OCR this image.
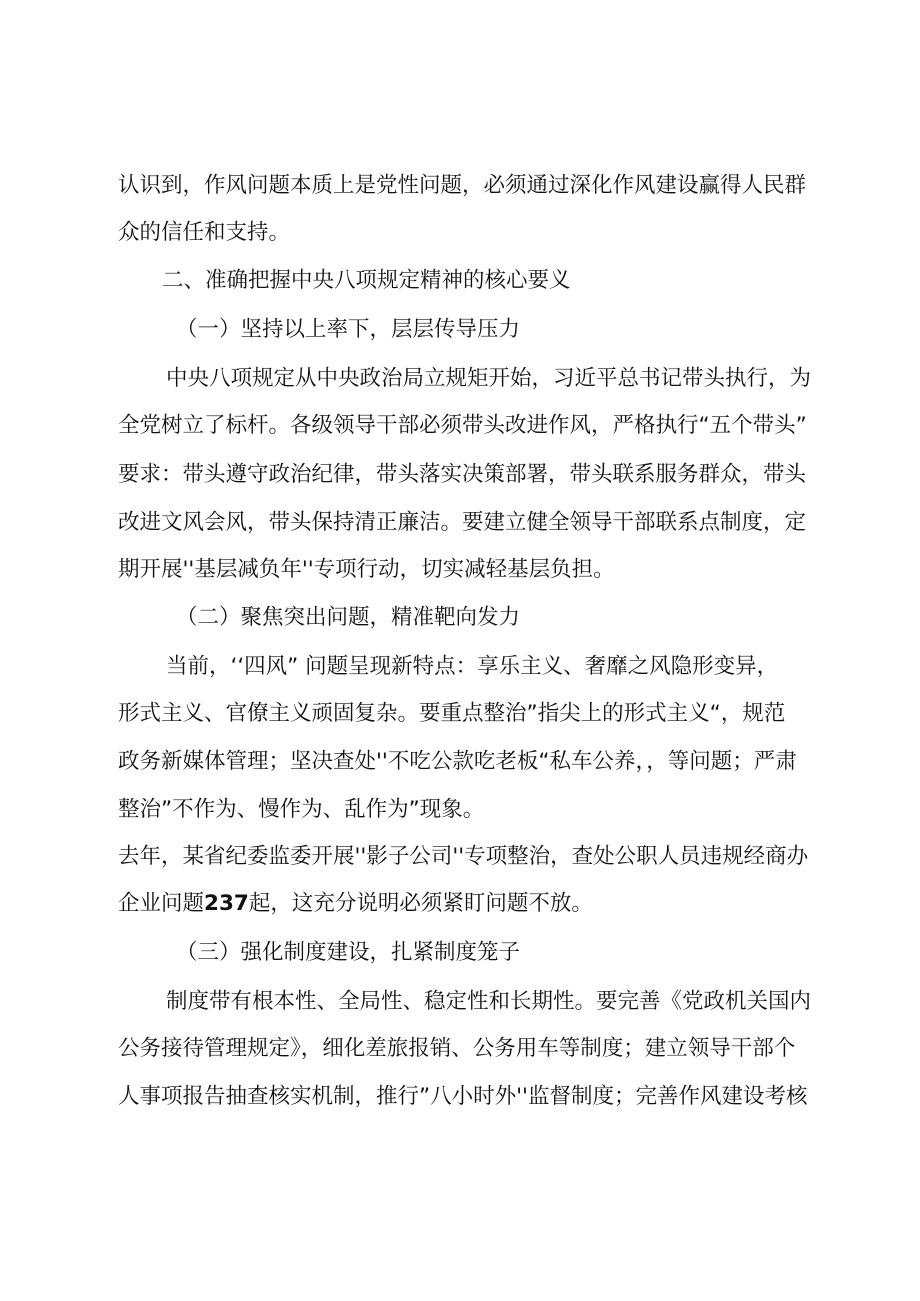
认识到，作风问题本质上是党性问题，必须通过深化作风建设赢得人民群
众的信任和支持。
二、准确把握中央八项规定精神的核心要义
（一）坚持以上率下，层层传导压力
中央八项规定从中央政治局立规矩开始，习近平总书记带头执行，为
全党树立了标杆。各级领导干部必须带头改进作风，严格执行“五个带头”
要求：带头遵守政治纪律，带头落实决策部署，带头联系服务群众，带头
改进文风会风，带头保持清正廉洁。要建立健全领导干部联系点制度，定
期开展''基层减负年''专项行动，切实减轻基层负担。
（二）聚焦突出问题，精准靶向发力
当前，‘‘四风” 问题呈现新特点：享乐主义、奢靡之风隐形变异，
形式主义、官僚主义顽固复杂。要重点整治”指尖上的形式主义“，规范
政务新媒体管理；坚决查处''不吃公款吃老板“私车公养，，等问题；严肃
整治”不作为、慢作为、乱作为”现象。
去年，某省纪委监委开展''影子公司''专项整治，查处公职人员违规经商办
企业问题237起，这充分说明必须紧盯问题不放。
（三）强化制度建设，扎紧制度笼子
制度带有根本性、全局性、稳定性和长期性。要完善《党政机关国内
公务接待管理规定》，细化差旅报销、公务用车等制度；建立领导干部个
人事项报告抽查核实机制，推行”八小时外''监督制度；完善作风建设考核
